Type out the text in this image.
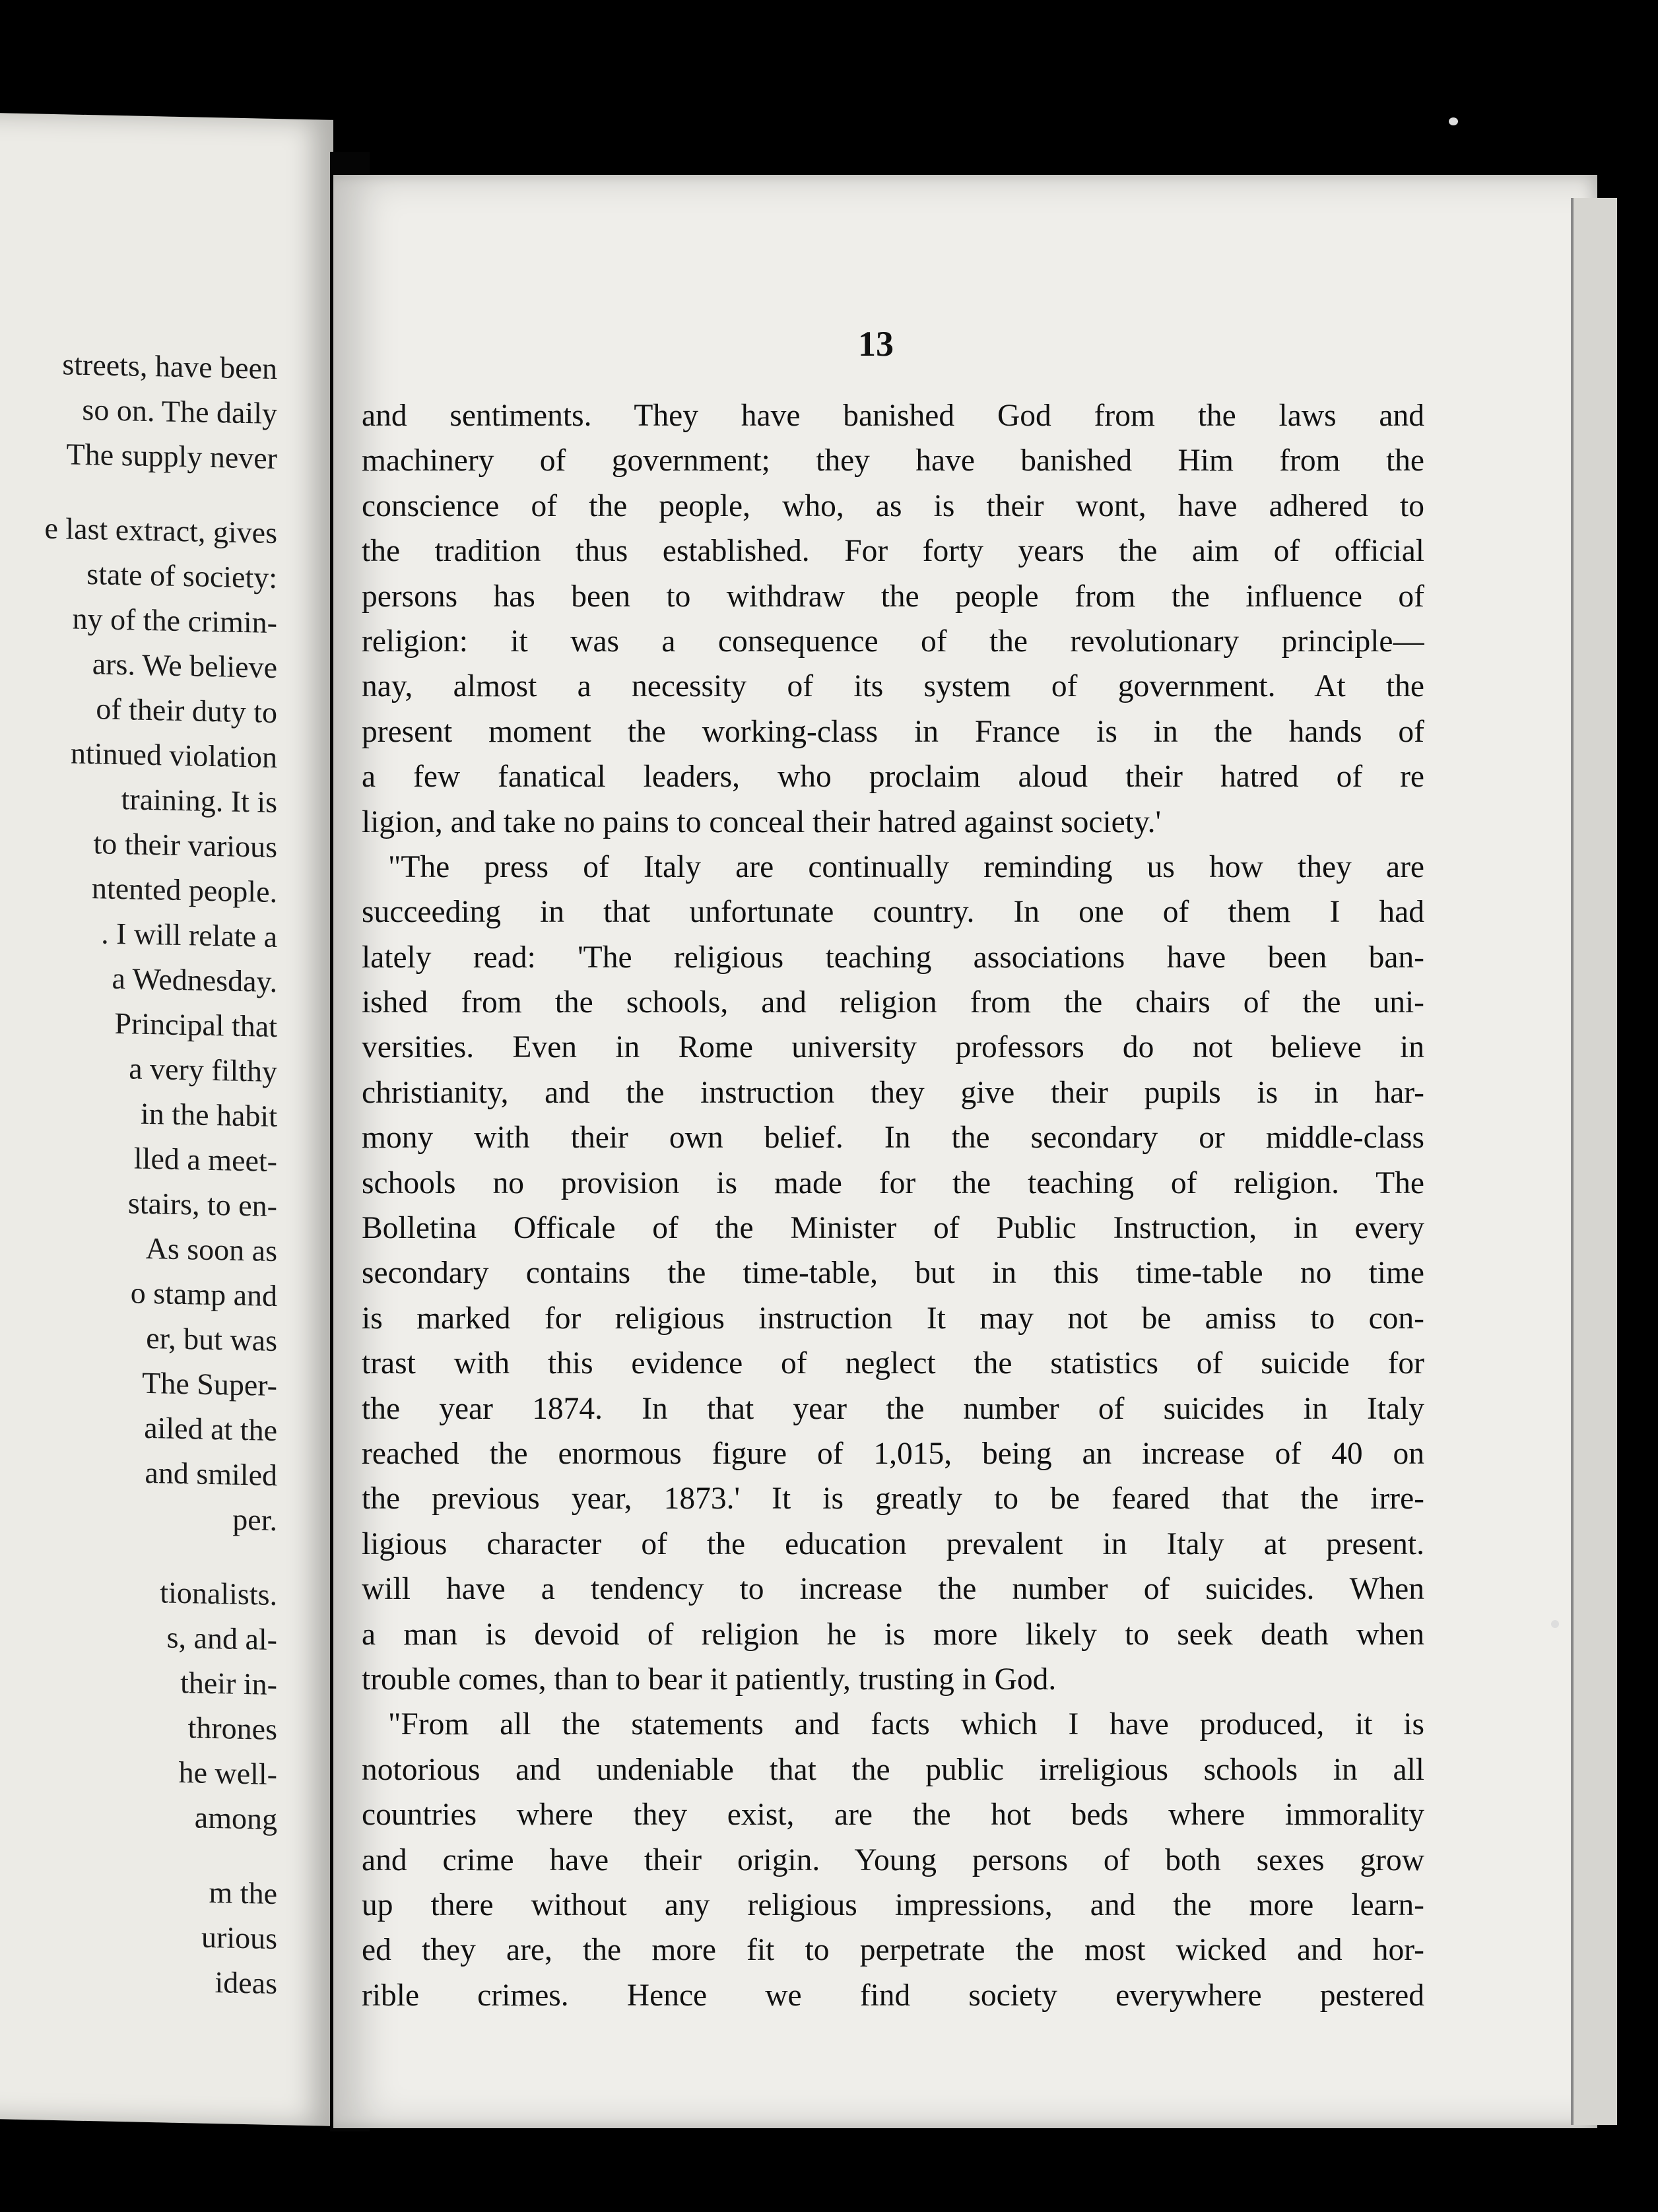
streets, have been
so on. The daily
The supply never
e last extract, gives
state of society:
ny of the crimin-
ars. We believe
of their duty to
ntinued violation
training. It is
to their various
ntented people.
. I will relate a
a Wednesday.
Principal that
a very filthy
in the habit
lled a meet-
stairs, to en-
As soon as
o stamp and
er, but was
The Super-
ailed at the
and smiled
per.
tionalists.
s, and al-
their in-
thrones
he well-
among
m the
urious
ideas
13
and sentiments. They have banished God from the laws and
machinery of government; they have banished Him from the
conscience of the people, who, as is their wont, have adhered to
the tradition thus established. For forty years the aim of official
persons has been to withdraw the people from the influence of
religion: it was a consequence of the revolutionary principle—
nay, almost a necessity of its system of government. At the
present moment the working-class in France is in the hands of
a few fanatical leaders, who proclaim aloud their hatred of re
ligion, and take no pains to conceal their hatred against society.'
"The press of Italy are continually reminding us how they are
succeeding in that unfortunate country. In one of them I had
lately read: 'The religious teaching associations have been ban-
ished from the schools, and religion from the chairs of the uni-
versities. Even in Rome university professors do not believe in
christianity, and the instruction they give their pupils is in har-
mony with their own belief. In the secondary or middle-class
schools no provision is made for the teaching of religion. The
Bolletina Officale of the Minister of Public Instruction, in every
secondary contains the time-table, but in this time-table no time
is marked for religious instruction It may not be amiss to con-
trast with this evidence of neglect the statistics of suicide for
the year 1874. In that year the number of suicides in Italy
reached the enormous figure of 1,015, being an increase of 40 on
the previous year, 1873.' It is greatly to be feared that the irre-
ligious character of the education prevalent in Italy at present.
will have a tendency to increase the number of suicides. When
a man is devoid of religion he is more likely to seek death when
trouble comes, than to bear it patiently, trusting in God.
"From all the statements and facts which I have produced, it is
notorious and undeniable that the public irreligious schools in all
countries where they exist, are the hot beds where immorality
and crime have their origin. Young persons of both sexes grow
up there without any religious impressions, and the more learn-
ed they are, the more fit to perpetrate the most wicked and hor-
rible crimes. Hence we find society everywhere pestered
